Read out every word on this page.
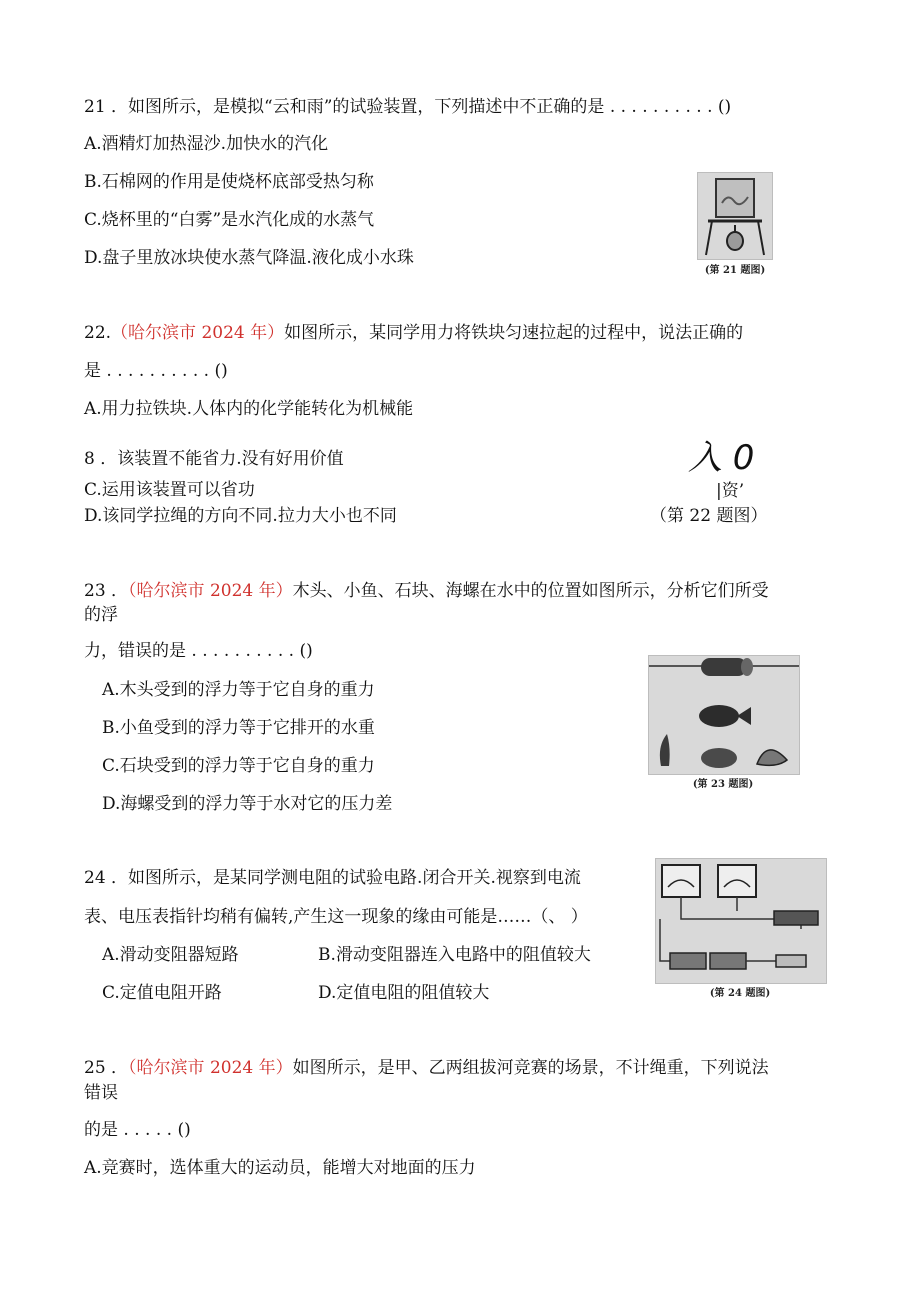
21 ．如图所示，是模拟“云和雨”的试验装置，下列描述中不正确的是 . . . . . . . . . . ()
A.酒精灯加热湿沙.加快水的汽化
B.石棉网的作用是使烧杯底部受热匀称
C.烧杯里的“白雾”是水汽化成的水蒸气
D.盘子里放冰块使水蒸气降温.液化成小水珠
(第 21 题图)
22.（哈尔滨市 2024 年）如图所示，某同学用力将铁块匀速拉起的过程中，说法正确的
是 . . . . . . . . . . ()
A.用力拉铁块.人体内的化学能转化为机械能
8 ．该装置不能省力.没有好用价值
C.运用该装置可以省功
D.该同学拉绳的方向不同.拉力大小也不同
入 0
|资’
（第 22 题图）
23 ．（哈尔滨市 2024 年）木头、小鱼、石块、海螺在水中的位置如图所示，分析它们所受
的浮
力，错误的是 . . . . . . . . . . ()
A.木头受到的浮力等于它自身的重力
B.小鱼受到的浮力等于它排开的水重
C.石块受到的浮力等于它自身的重力
D.海螺受到的浮力等于水对它的压力差
(第 23 题图)
24 ．如图所示，是某同学测电阻的试验电路.闭合开关.视察到电流
表、电压表指针均稍有偏转,产生这一现象的缘由可能是……（、 ）
A.滑动变阻器短路	B.滑动变阻器连入电路中的阻值较大
C.定值电阻开路	D.定值电阻的阻值较大	(第 24 题图)
25 ．（哈尔滨市 2024 年）如图所示，是甲、乙两组拔河竞赛的场景，不计绳重，下列说法
错误
的是 . . . . . ()
A.竞赛时，选体重大的运动员，能增大对地面的压力
